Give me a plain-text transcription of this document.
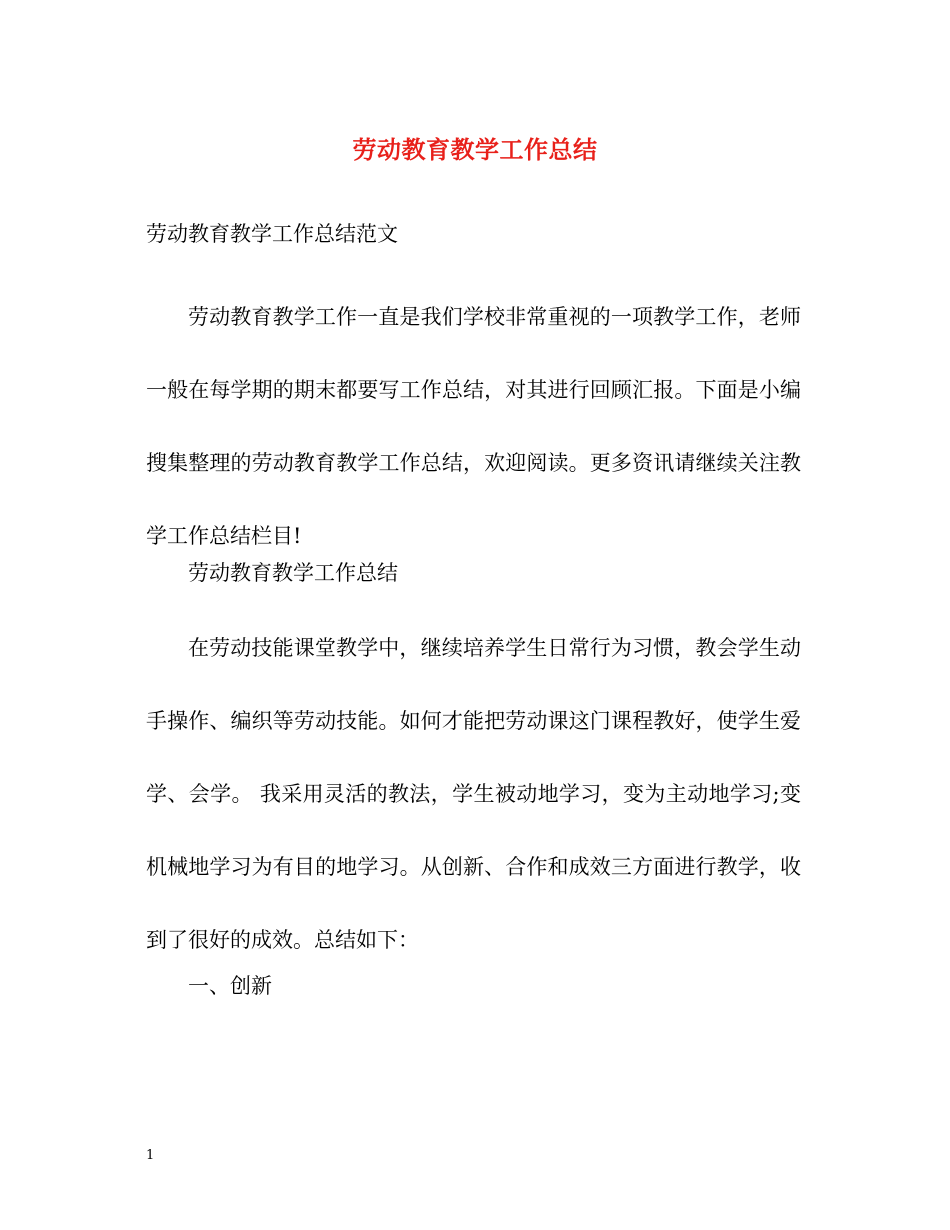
劳动教育教学工作总结
劳动教育教学工作总结范文
劳动教育教学工作一直是我们学校非常重视的一项教学工作，老师一般在每学期的期末都要写工作总结，对其进行回顾汇报。下面是小编搜集整理的劳动教育教学工作总结，欢迎阅读。更多资讯请继续关注教学工作总结栏目!
劳动教育教学工作总结
在劳动技能课堂教学中，继续培养学生日常行为习惯，教会学生动手操作、编织等劳动技能。如何才能把劳动课这门课程教好，使学生爱学、会学。 我采用灵活的教法，学生被动地学习，变为主动地学习;变机械地学习为有目的地学习。从创新、合作和成效三方面进行教学，收到了很好的成效。总结如下：
一、创新
1
